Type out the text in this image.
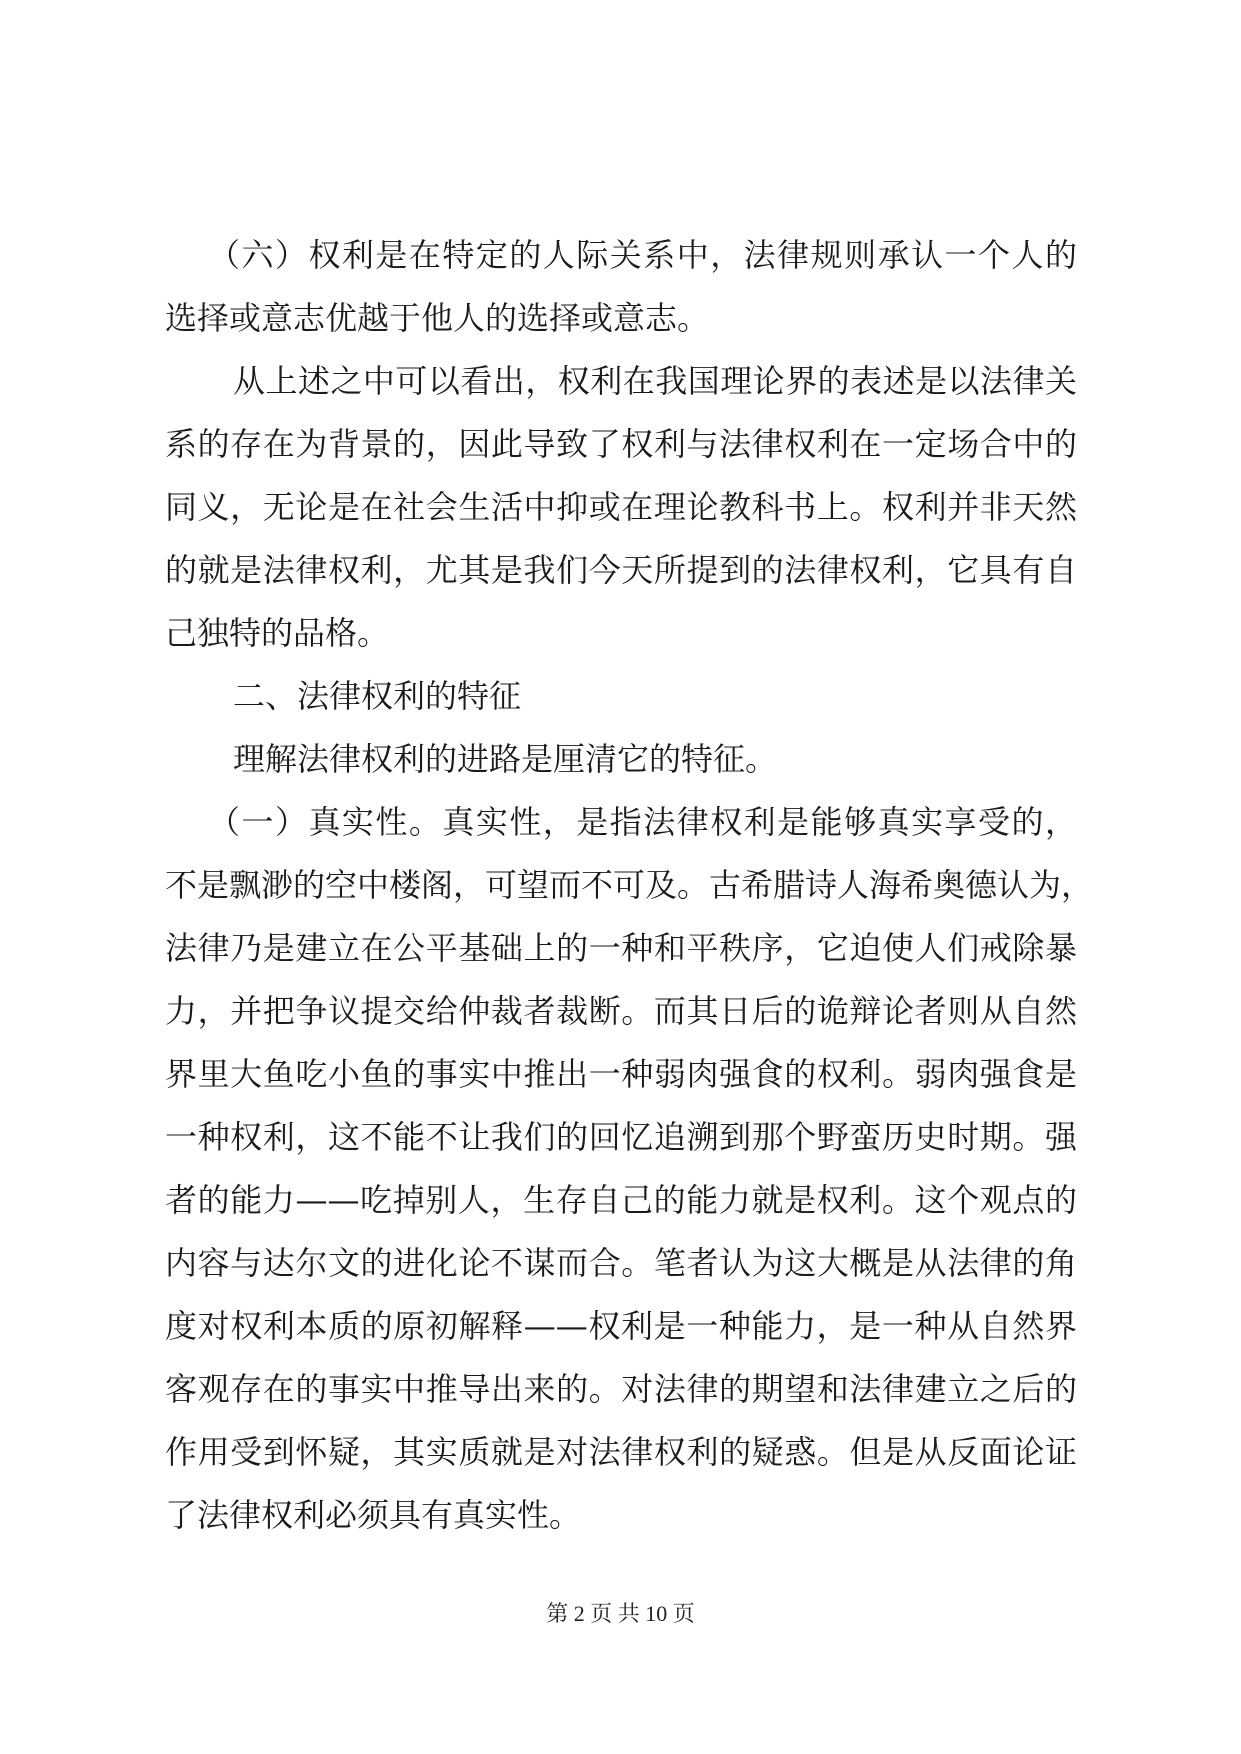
（六）权利是在特定的人际关系中，法律规则承认一个人的
选择或意志优越于他人的选择或意志。
从上述之中可以看出，权利在我国理论界的表述是以法律关
系的存在为背景的，因此导致了权利与法律权利在一定场合中的
同义，无论是在社会生活中抑或在理论教科书上。权利并非天然
的就是法律权利，尤其是我们今天所提到的法律权利，它具有自
己独特的品格。
二、法律权利的特征
理解法律权利的进路是厘清它的特征。
（一）真实性。真实性，是指法律权利是能够真实享受的，
不是飘渺的空中楼阁，可望而不可及。古希腊诗人海希奥德认为，
法律乃是建立在公平基础上的一种和平秩序，它迫使人们戒除暴
力，并把争议提交给仲裁者裁断。而其日后的诡辩论者则从自然
界里大鱼吃小鱼的事实中推出一种弱肉强食的权利。弱肉强食是
一种权利，这不能不让我们的回忆追溯到那个野蛮历史时期。强
者的能力——吃掉别人，生存自己的能力就是权利。这个观点的
内容与达尔文的进化论不谋而合。笔者认为这大概是从法律的角
度对权利本质的原初解释——权利是一种能力，是一种从自然界
客观存在的事实中推导出来的。对法律的期望和法律建立之后的
作用受到怀疑，其实质就是对法律权利的疑惑。但是从反面论证
了法律权利必须具有真实性。
第 2 页 共 10 页
